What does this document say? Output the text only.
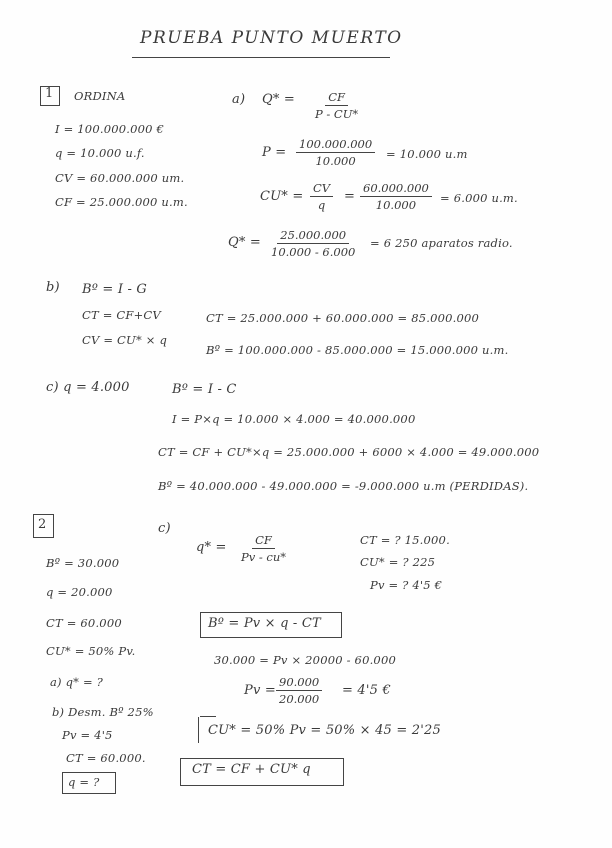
PRUEBA PUNTO MUERTO
1 ORDINA
I = 100.000.000 €
q = 10.000 u.f.
CV = 60.000.000 um.
CF = 25.000.000 u.m.
a) $Q* = \frac{CF}{P - CU*}$
$P = \frac{100.000.000}{10.000} = 10.000$ u.m
$CU* = \frac{CV}{q} = \frac{60.000.000}{10.000} = 6.000$ u.m.
$Q* = \frac{25.000.000}{10.000 - 6.000} = 6$ 250 aparatos radio.
b) Bº = I - G
CT = CF+CV
CV = CU* × q
CT = 25.000.000 + 60.000.000 = 85.000.000
Bº = 100.000.000 - 85.000.000 = 15.000.000 u.m.
c) q = 4.000	Bº = I - C
I = P×q = 10.000 × 4.000 = 40.000.000
CT = CF + CU*×q = 25.000.000 + 6000 × 4.000 = 49.000.000
Bº = 40.000.000 - 49.000.000 = -9.000.000 u.m (PERDIDAS).
2
Bº = 30.000
q = 20.000
CT = 60.000
CU* = 50% Pv.
a) q* = ?
b) Desm. Bº 25%
Pv = 4'5
CT = 60.000.
q = ?
c)
$q* = \frac{CF}{Pv - cu*}$	CT = ? 15.000.
CU* = ? 225
Pv = ? 4'5 €
Bº = Pv × q - CT
30.000 = Pv × 20000 - 60.000
$Pv = \frac{90.000}{20.000} = 4'5$ €
CU* = 50% Pv = 50% × 45 = 2'25
CT = CF + CU* q
